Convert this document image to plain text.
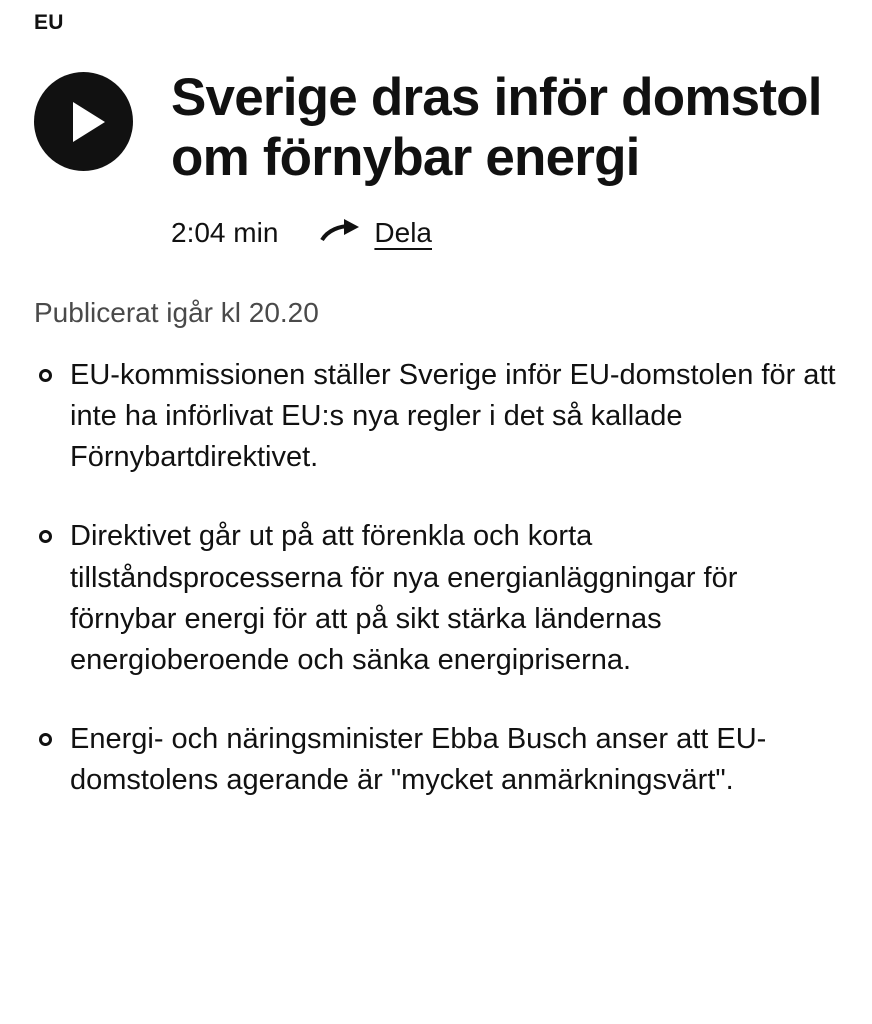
EU
Sverige dras inför domstol om förnybar energi
2:04 min	Dela
Publicerat igår kl 20.20
EU-kommissionen ställer Sverige inför EU-domstolen för att inte ha införlivat EU:s nya regler i det så kallade Förnybartdirektivet.
Direktivet går ut på att förenkla och korta tillståndsprocesserna för nya energianläggningar för förnybar energi för att på sikt stärka ländernas energioberoende och sänka energipriserna.
Energi- och näringsminister Ebba Busch anser att EU-domstolens agerande är "mycket anmärkningsvärt".
